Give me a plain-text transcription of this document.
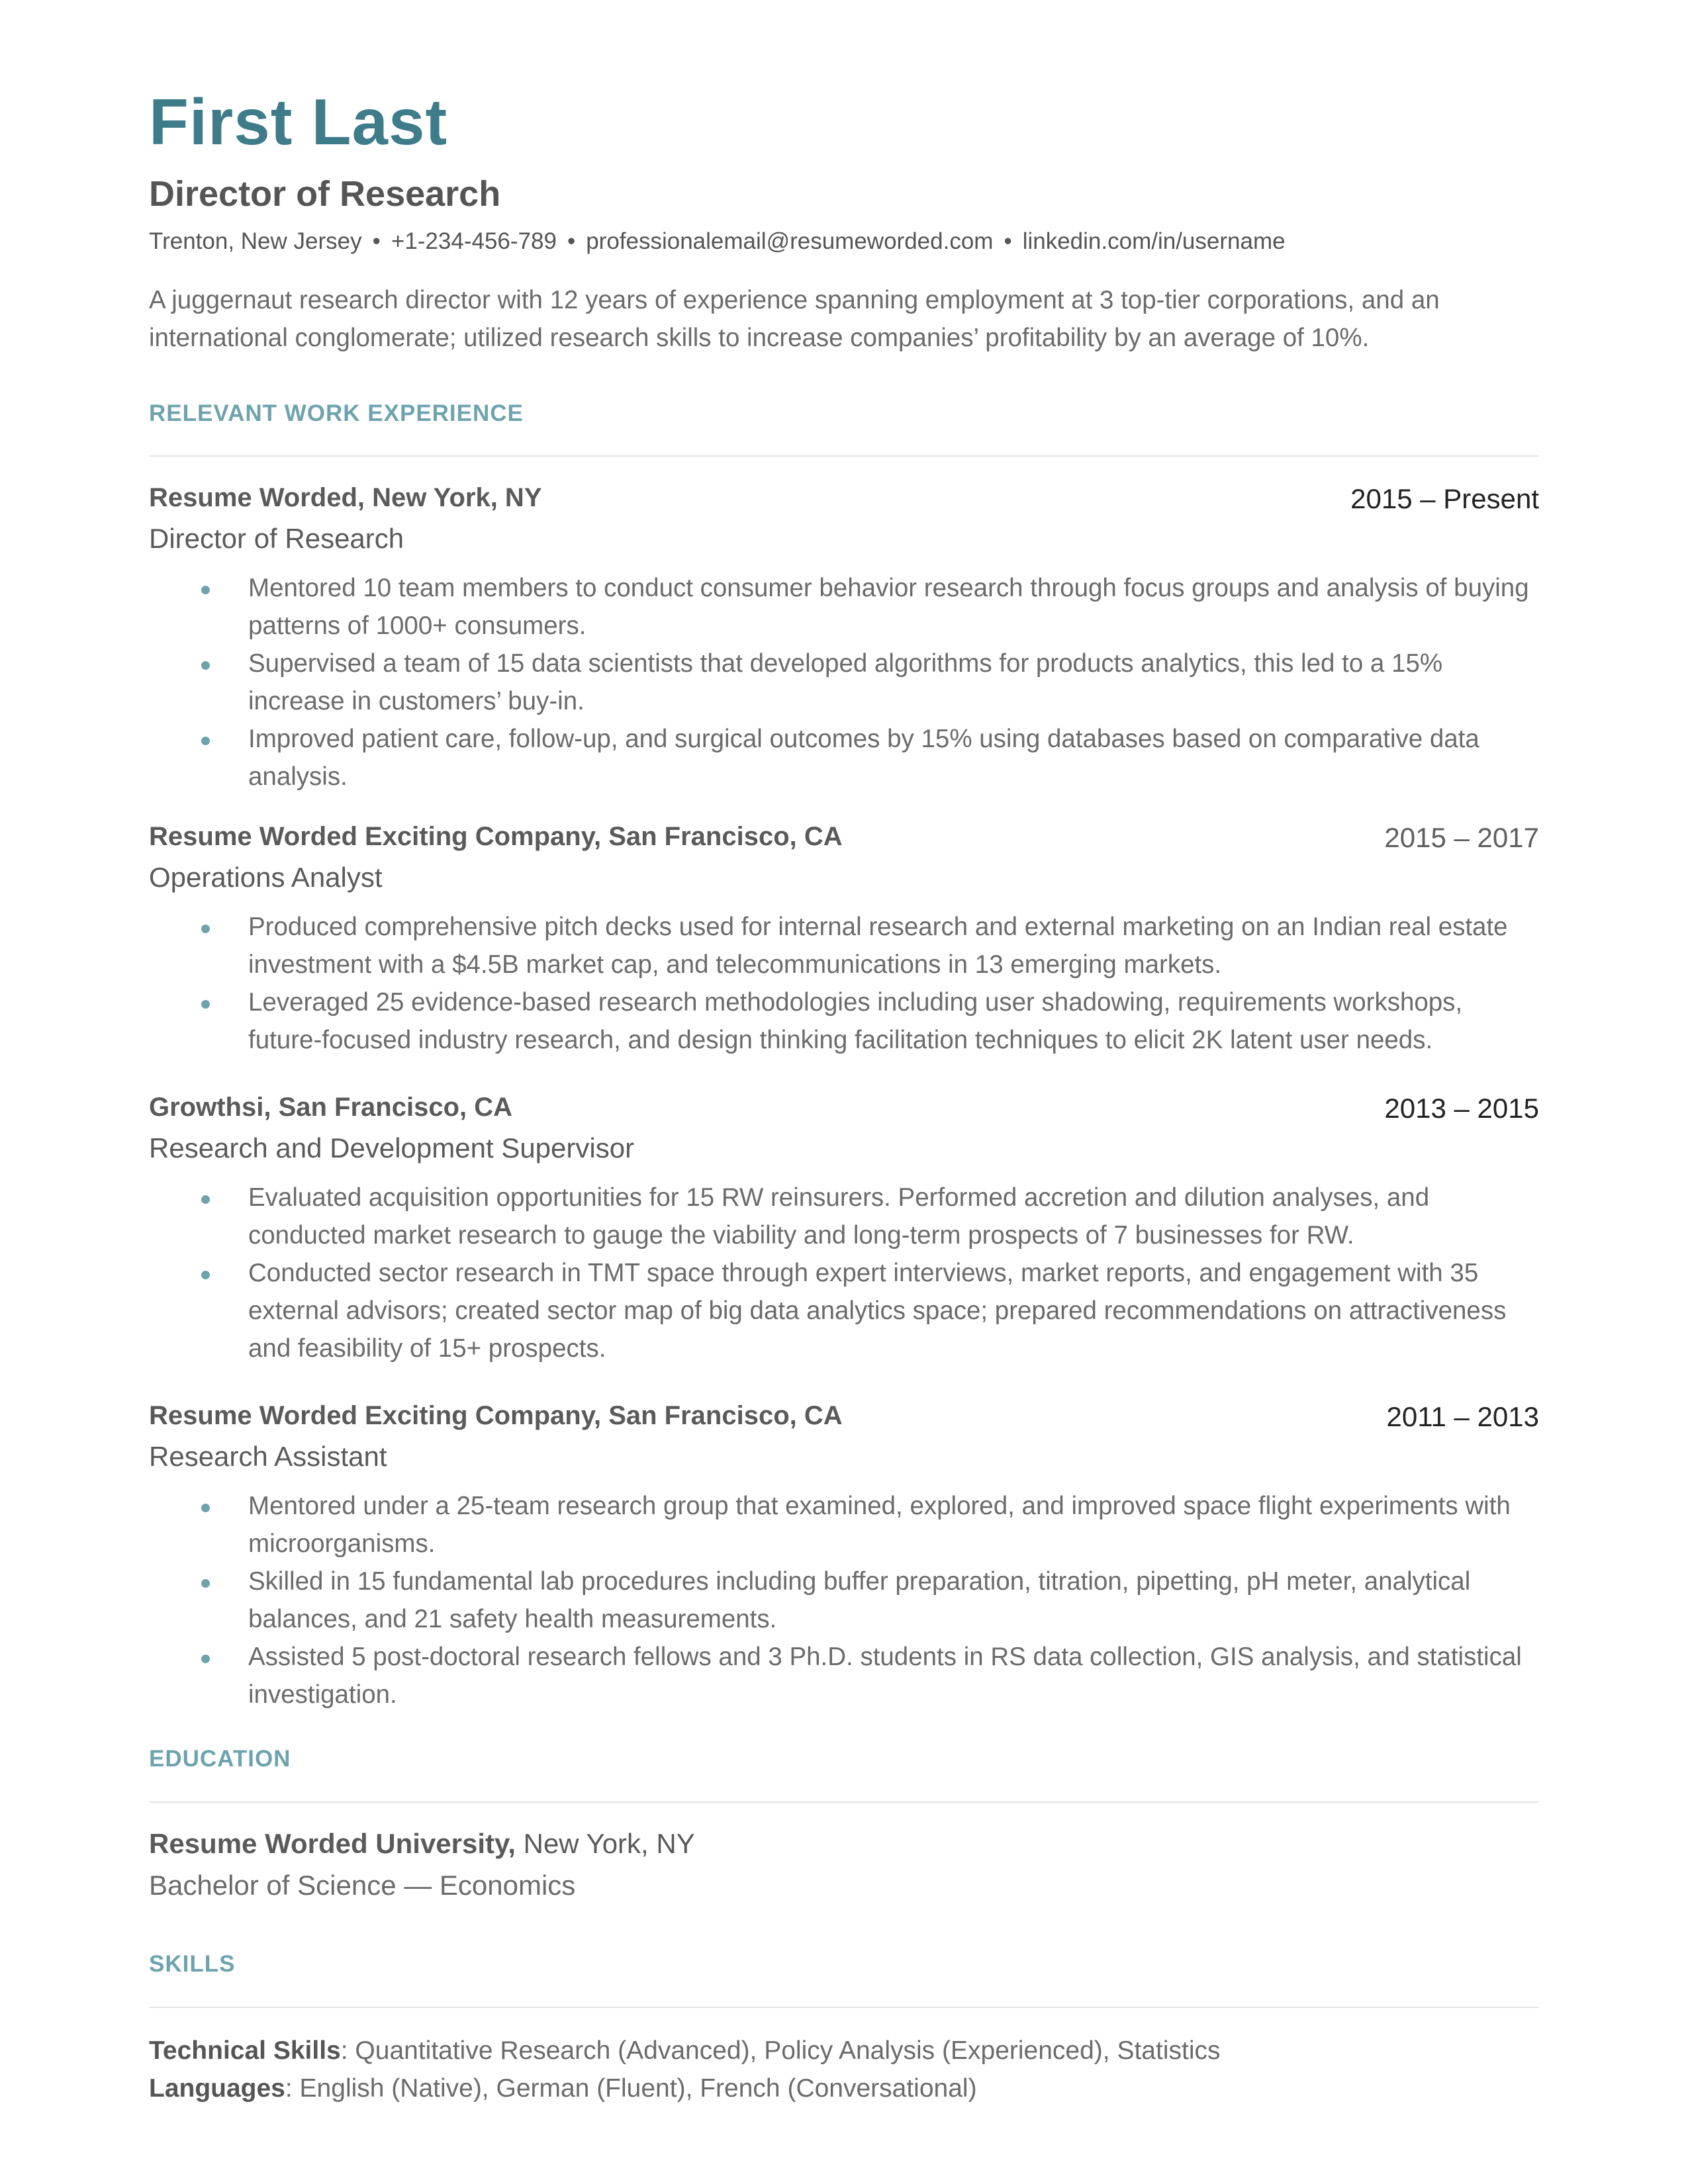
First Last
Director of Research
Trenton, New Jersey • +1-234-456-789 • professionalemail@resumeworded.com • linkedin.com/in/username

A juggernaut research director with 12 years of experience spanning employment at 3 top-tier corporations, and an international conglomerate; utilized research skills to increase companies’ profitability by an average of 10%.

RELEVANT WORK EXPERIENCE
Resume Worded, New York, NY	2015 – Present
Director of Research
Mentored 10 team members to conduct consumer behavior research through focus groups and analysis of buying patterns of 1000+ consumers.
Supervised a team of 15 data scientists that developed algorithms for products analytics, this led to a 15% increase in customers’ buy-in.
Improved patient care, follow-up, and surgical outcomes by 15% using databases based on comparative data analysis.
Resume Worded Exciting Company, San Francisco, CA	2015 – 2017
Operations Analyst
Produced comprehensive pitch decks used for internal research and external marketing on an Indian real estate investment with a $4.5B market cap, and telecommunications in 13 emerging markets.
Leveraged 25 evidence-based research methodologies including user shadowing, requirements workshops, future-focused industry research, and design thinking facilitation techniques to elicit 2K latent user needs.
Growthsi, San Francisco, CA	2013 – 2015
Research and Development Supervisor
Evaluated acquisition opportunities for 15 RW reinsurers. Performed accretion and dilution analyses, and conducted market research to gauge the viability and long-term prospects of 7 businesses for RW.
Conducted sector research in TMT space through expert interviews, market reports, and engagement with 35 external advisors; created sector map of big data analytics space; prepared recommendations on attractiveness and feasibility of 15+ prospects.
Resume Worded Exciting Company, San Francisco, CA	2011 – 2013
Research Assistant
Mentored under a 25-team research group that examined, explored, and improved space flight experiments with microorganisms.
Skilled in 15 fundamental lab procedures including buffer preparation, titration, pipetting, pH meter, analytical balances, and 21 safety health measurements.
Assisted 5 post-doctoral research fellows and 3 Ph.D. students in RS data collection, GIS analysis, and statistical investigation.
EDUCATION
Resume Worded University, New York, NY
Bachelor of Science — Economics
SKILLS
Technical Skills: Quantitative Research (Advanced), Policy Analysis (Experienced), Statistics
Languages: English (Native), German (Fluent), French (Conversational)
